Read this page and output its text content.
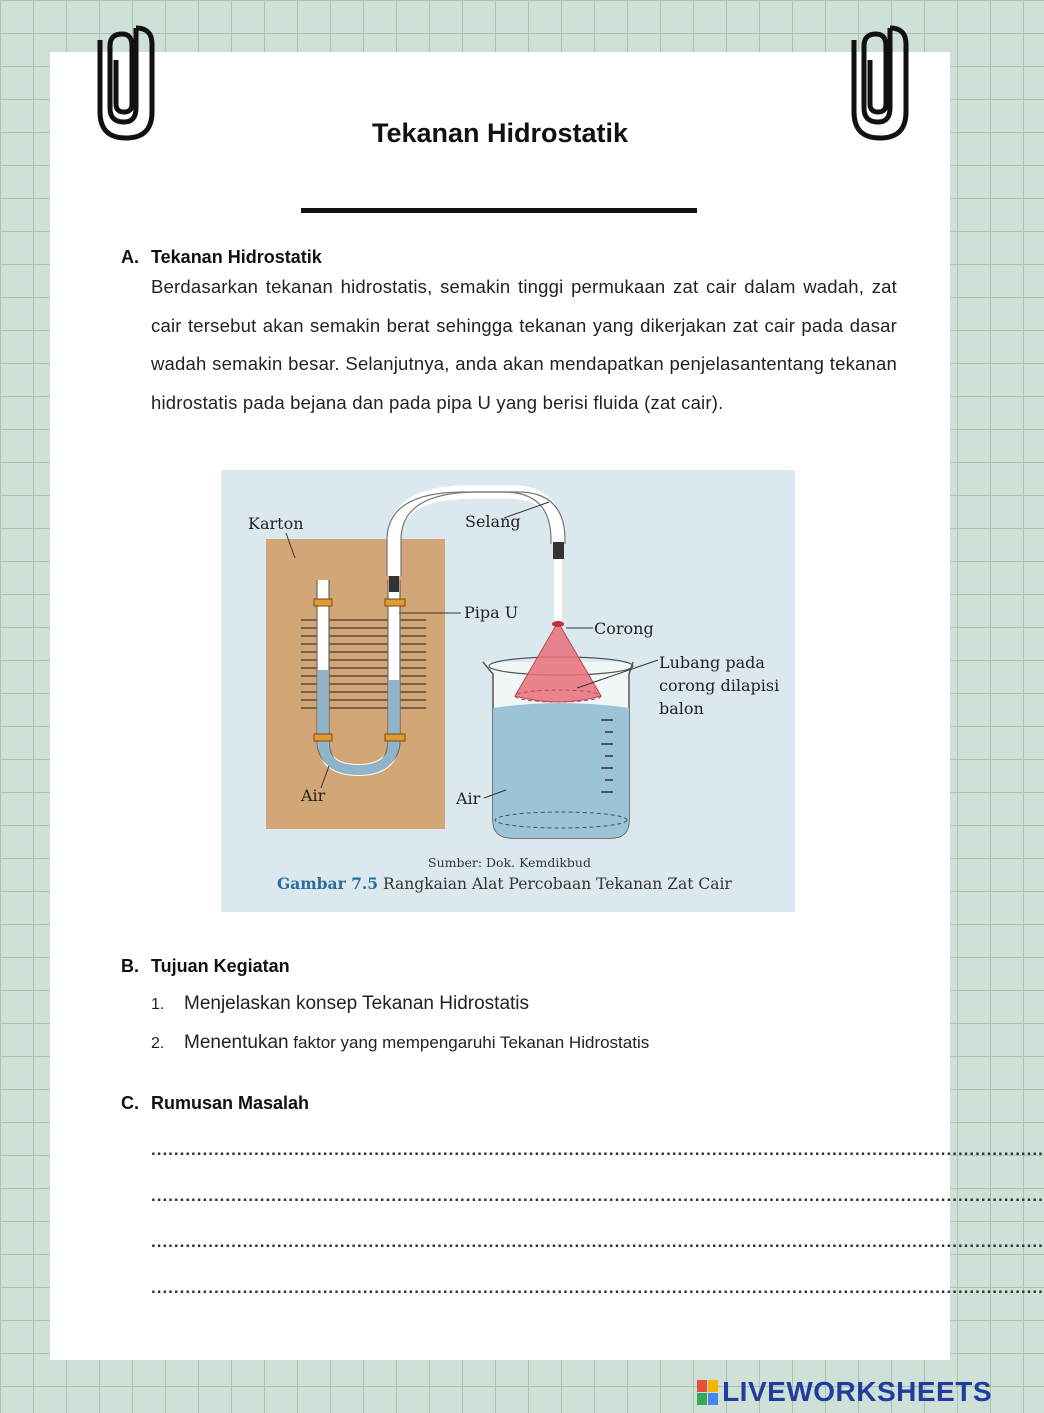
Tekanan Hidrostatik
A. Tekanan Hidrostatik
Berdasarkan tekanan hidrostatis, semakin tinggi permukaan zat cair dalam wadah, zat cair tersebut akan semakin berat sehingga tekanan yang dikerjakan zat cair pada dasar wadah semakin besar. Selanjutnya, anda akan mendapatkan penjelasantentang tekanan hidrostatis pada bejana dan pada pipa U yang berisi fluida (zat cair).
Karton	Selang
Pipa U
Corong
Lubang pada
corong dilapisi
balon
Air	Air
Sumber: Dok. Kemdikbud
Gambar 7.5 Rangkaian Alat Percobaan Tekanan Zat Cair
B. Tujuan Kegiatan
1. Menjelaskan konsep Tekanan Hidrostatis
2. Menentukan faktor yang mempengaruhi Tekanan Hidrostatis
C. Rumusan Masalah
............................................................................................................................................................
............................................................................................................................................................
............................................................................................................................................................
............................................................................................................................................................
LIVEWORKSHEETS
